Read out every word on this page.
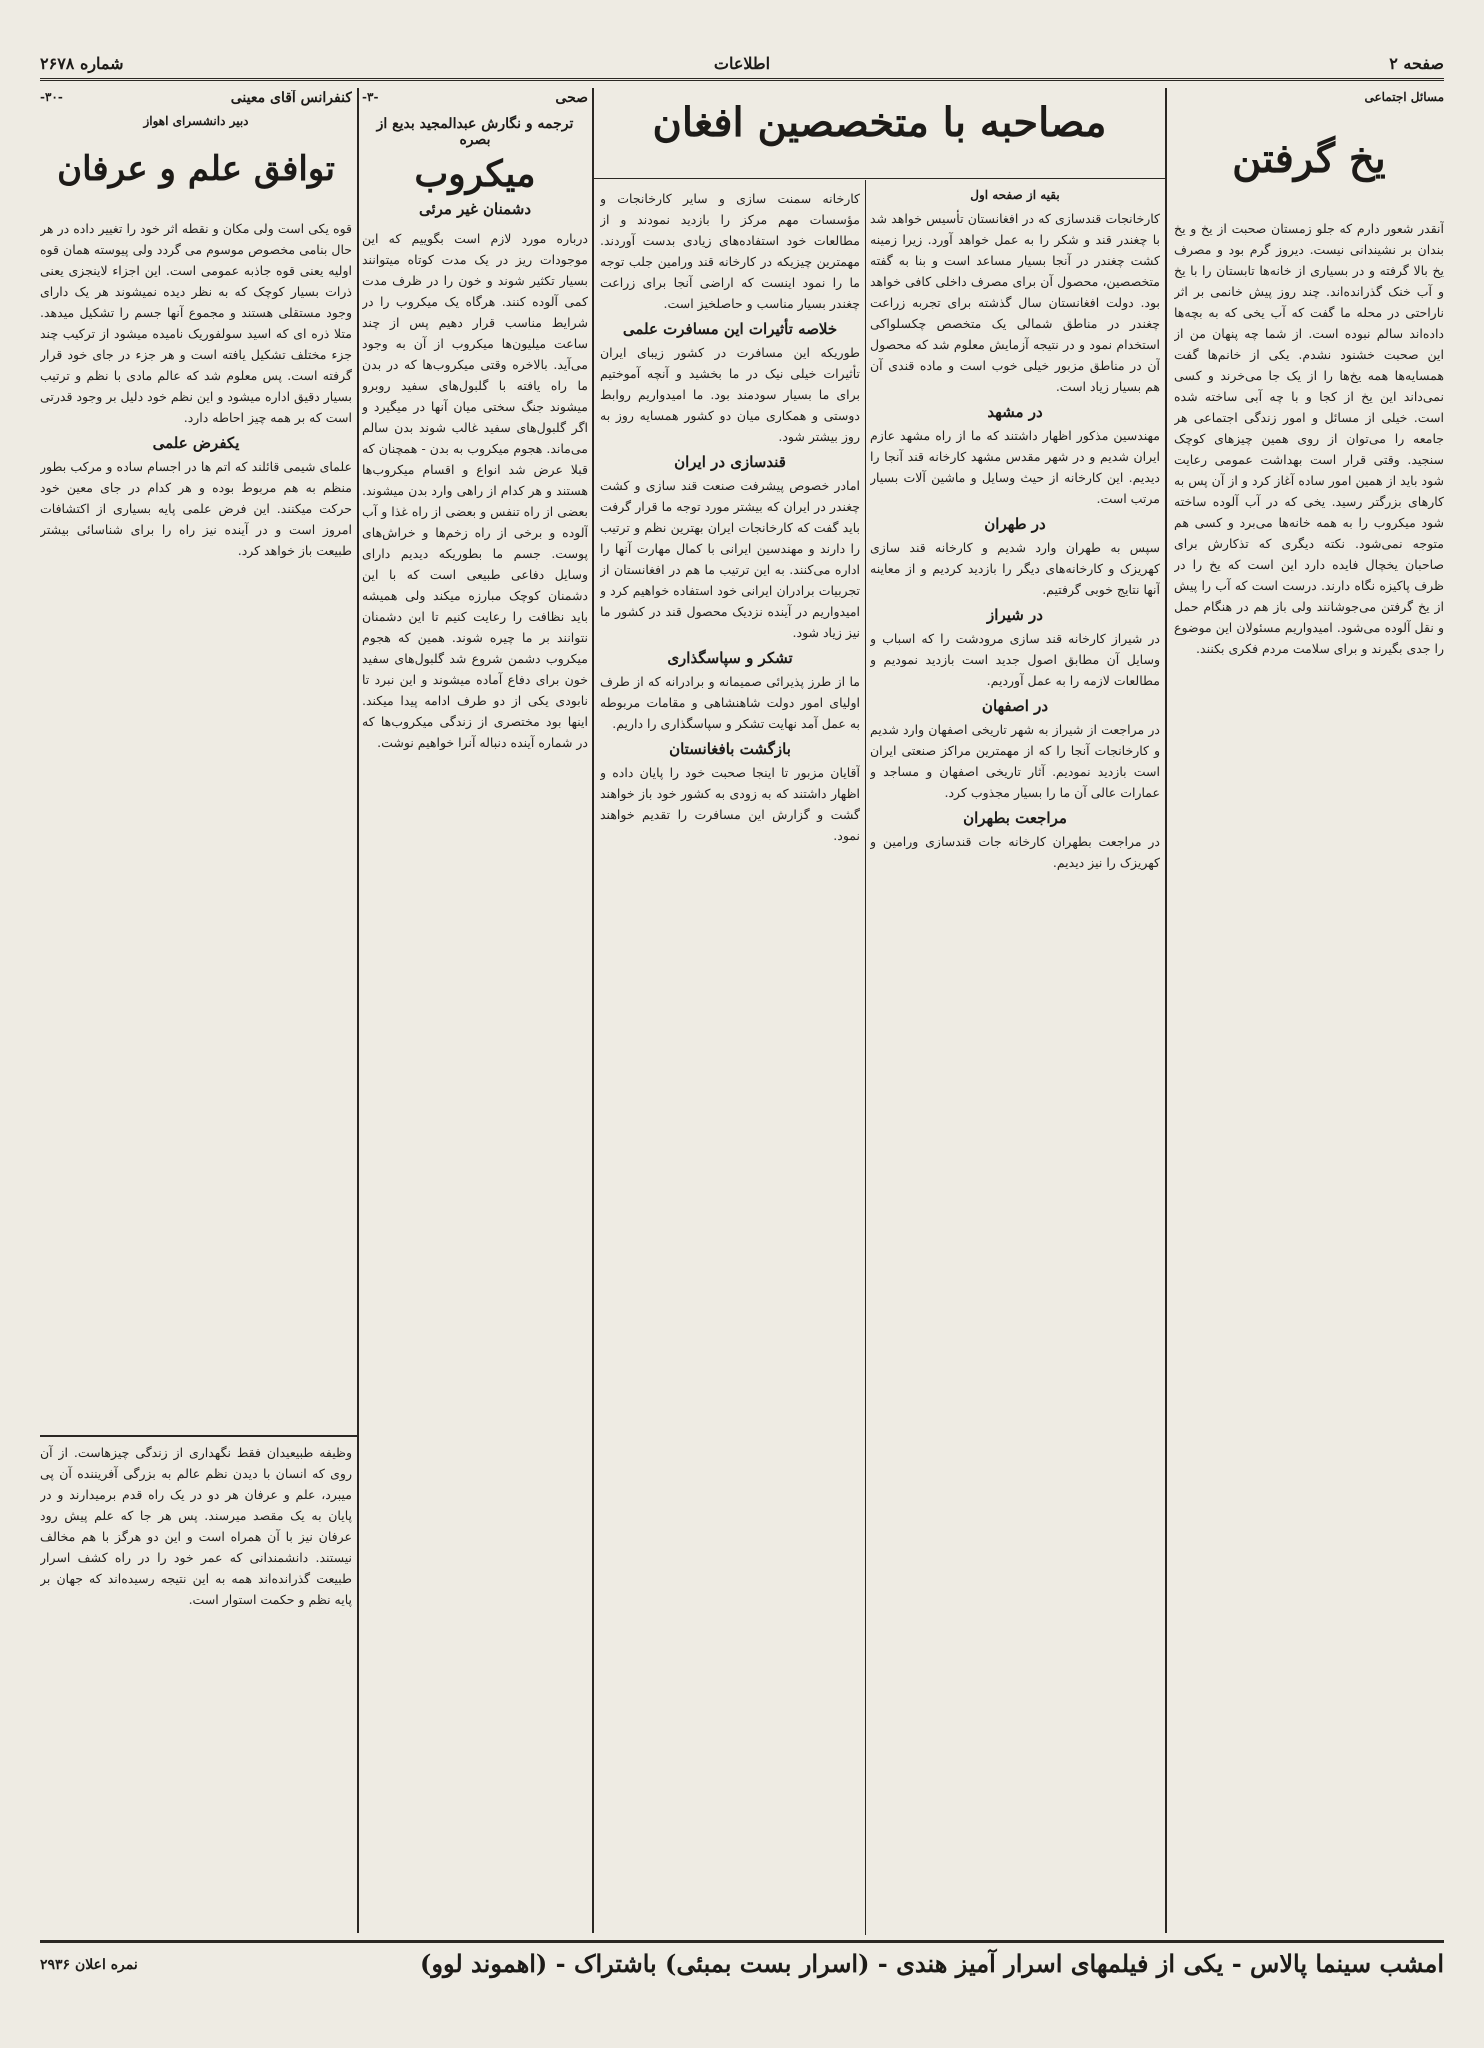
صفحه ۲
اطلاعات
شماره ۲۶۷۸
مسائل اجتماعی
یخ گرفتن

آنقدر شعور دارم که جلو زمستان صحبت از یخ و یخ بندان بر نشیندانی نیست. دیروز گرم بود و مصرف یخ بالا گرفته و در بسیاری از خانه‌ها تابستان را با یخ و آب خنک گذرانده‌اند. چند روز پیش خانمی بر اثر ناراحتی در محله ما گفت که آب یخی که به بچه‌ها داده‌اند سالم نبوده است. از شما چه پنهان من از این صحبت خشنود نشدم. یکی از خانم‌ها گفت همسایه‌ها همه یخ‌ها را از یک جا می‌خرند و کسی نمی‌داند این یخ از کجا و با چه آبی ساخته شده است. خیلی از مسائل و امور زندگی اجتماعی هر جامعه را می‌توان از روی همین چیزهای کوچک سنجید. وقتی قرار است بهداشت عمومی رعایت شود باید از همین امور ساده آغاز کرد و از آن پس به کارهای بزرگتر رسید. یخی که در آب آلوده ساخته شود میکروب را به همه خانه‌ها می‌برد و کسی هم متوجه نمی‌شود. نکته دیگری که تذکارش برای صاحبان یخچال فایده دارد این است که یخ را در ظرف پاکیزه نگاه دارند. درست است که آب را پیش از یخ گرفتن می‌جوشانند ولی باز هم در هنگام حمل و نقل آلوده می‌شود. امیدواریم مسئولان این موضوع را جدی بگیرند و برای سلامت مردم فکری بکنند.

مصاحبه با متخصصین افغان
بقیه از صفحه اول

کارخانجات قندسازی که در افغانستان تأسیس خواهد شد با چغندر قند و شکر را به عمل خواهد آورد. زیرا زمینه کشت چغندر در آنجا بسیار مساعد است و بنا به گفته متخصصین، محصول آن برای مصرف داخلی کافی خواهد بود. دولت افغانستان سال گذشته برای تجربه زراعت چغندر در مناطق شمالی یک متخصص چکسلواکی استخدام نمود و در نتیجه آزمایش معلوم شد که محصول آن در مناطق مزبور خیلی خوب است و ماده قندی آن هم بسیار زیاد است.

در مشهد

مهندسین مذکور اظهار داشتند که ما از راه مشهد عازم ایران شدیم و در شهر مقدس مشهد کارخانه قند آنجا را دیدیم. این کارخانه از حیث وسایل و ماشین آلات بسیار مرتب است.

در طهران

سپس به طهران وارد شدیم و کارخانه قند سازی کهریزک و کارخانه‌های دیگر را بازدید کردیم و از معاینه آنها نتایج خوبی گرفتیم.

در شیراز

در شیراز کارخانه قند سازی مرودشت را که اسباب و وسایل آن مطابق اصول جدید است بازدید نمودیم و مطالعات لازمه را به عمل آوردیم.

در اصفهان

در مراجعت از شیراز به شهر تاریخی اصفهان وارد شدیم و کارخانجات آنجا را که از مهمترین مراکز صنعتی ایران است بازدید نمودیم. آثار تاریخی اصفهان و مساجد و عمارات عالی آن ما را بسیار مجذوب کرد.

مراجعت بطهران

در مراجعت بطهران کارخانه جات قندسازی ورامین و کهریزک را نیز دیدیم.

کارخانه سمنت سازی و سایر کارخانجات و مؤسسات مهم مرکز را بازدید نمودند و از مطالعات خود استفاده‌های زیادی بدست آوردند. مهمترین چیزیکه در کارخانه قند ورامین جلب توجه ما را نمود اینست که اراضی آنجا برای زراعت چغندر بسیار مناسب و حاصلخیز است.

خلاصه تأثیرات این مسافرت علمی

طوریکه این مسافرت در کشور زیبای ایران تأثیرات خیلی نیک در ما بخشید و آنچه آموختیم برای ما بسیار سودمند بود. ما امیدواریم روابط دوستی و همکاری میان دو کشور همسایه روز به روز بیشتر شود.

قندسازی در ایران

امادر خصوص پیشرفت صنعت قند سازی و کشت چغندر در ایران که بیشتر مورد توجه ما قرار گرفت باید گفت که کارخانجات ایران بهترین نظم و ترتیب را دارند و مهندسین ایرانی با کمال مهارت آنها را اداره می‌کنند. به این ترتیب ما هم در افغانستان از تجربیات برادران ایرانی خود استفاده خواهیم کرد و امیدواریم در آینده نزدیک محصول قند در کشور ما نیز زیاد شود.

تشکر و سپاسگذاری

ما از طرز پذیرائی صمیمانه و برادرانه که از طرف اولیای امور دولت شاهنشاهی و مقامات مربوطه به عمل آمد نهایت تشکر و سپاسگذاری را داریم.

بازگشت بافغانستان

آقایان مزبور تا اینجا صحبت خود را پایان داده و اظهار داشتند که به زودی به کشور خود باز خواهند گشت و گزارش این مسافرت را تقدیم خواهند نمود.

صحی
-۳-
ترجمه و نگارش عبدالمجید بدیع از بصره
میکروب
دشمنان غیر مرئی

درباره مورد لازم است بگوییم که این موجودات ریز در یک مدت کوتاه میتوانند بسیار تکثیر شوند و خون را در ظرف مدت کمی آلوده کنند. هرگاه یک میکروب را در شرایط مناسب قرار دهیم پس از چند ساعت میلیون‌ها میکروب از آن به وجود می‌آید. بالاخره وقتی میکروب‌ها که در بدن ما راه یافته با گلبول‌های سفید روبرو میشوند جنگ سختی میان آنها در میگیرد و اگر گلبول‌های سفید غالب شوند بدن سالم می‌ماند. هجوم میکروب به بدن - همچنان که قبلا عرض شد انواع و اقسام میکروب‌ها هستند و هر کدام از راهی وارد بدن میشوند. بعضی از راه تنفس و بعضی از راه غذا و آب آلوده و برخی از راه زخم‌ها و خراش‌های پوست. جسم ما بطوریکه دیدیم دارای وسایل دفاعی طبیعی است که با این دشمنان کوچک مبارزه میکند ولی همیشه باید نظافت را رعایت کنیم تا این دشمنان نتوانند بر ما چیره شوند. همین که هجوم میکروب دشمن شروع شد گلبول‌های سفید خون برای دفاع آماده میشوند و این نبرد تا نابودی یکی از دو طرف ادامه پیدا میکند. اینها بود مختصری از زندگی میکروب‌ها که در شماره آینده دنباله آنرا خواهیم نوشت.

کنفرانس آقای معینی
-۳۰-
دبیر دانشسرای اهواز
توافق علم و عرفان

قوه یکی است ولی مکان و نقطه اثر خود را تغییر داده در هر حال بنامی مخصوص موسوم می گردد ولی پیوسته همان قوه اولیه یعنی قوه جاذبه عمومی است. این اجزاء لاینجزی یعنی ذرات بسیار کوچک که به نظر دیده نمیشوند هر یک دارای وجود مستقلی هستند و مجموع آنها جسم را تشکیل میدهد. متلا ذره ای که اسید سولفوریک نامیده میشود از ترکیب چند جزء مختلف تشکیل یافته است و هر جزء در جای خود قرار گرفته است. پس معلوم شد که عالم مادی با نظم و ترتیب بسیار دقیق اداره میشود و این نظم خود دلیل بر وجود قدرتی است که بر همه چیز احاطه دارد.

یکفرض علمی

علمای شیمی قائلند که اتم ها در اجسام ساده و مرکب بطور منظم به هم مربوط بوده و هر کدام در جای معین خود حرکت میکنند. این فرض علمی پایه بسیاری از اکتشافات امروز است و در آینده نیز راه را برای شناسائی بیشتر طبیعت باز خواهد کرد.

وظیفه طبیعیدان فقط نگهداری از زندگی چیزهاست. از آن روی که انسان با دیدن نظم عالم به بزرگی آفریننده آن پی میبرد، علم و عرفان هر دو در یک راه قدم برمیدارند و در پایان به یک مقصد میرسند. پس هر جا که علم پیش رود عرفان نیز با آن همراه است و این دو هرگز با هم مخالف نیستند. دانشمندانی که عمر خود را در راه کشف اسرار طبیعت گذرانده‌اند همه به این نتیجه رسیده‌اند که جهان بر پایه نظم و حکمت استوار است.

امشب سینما پالاس - یکی از فیلمهای اسرار آمیز هندی - (اسرار بست بمبئی) باشتراک - (اهموند لوو)
نمره اعلان ۲۹۳۶
